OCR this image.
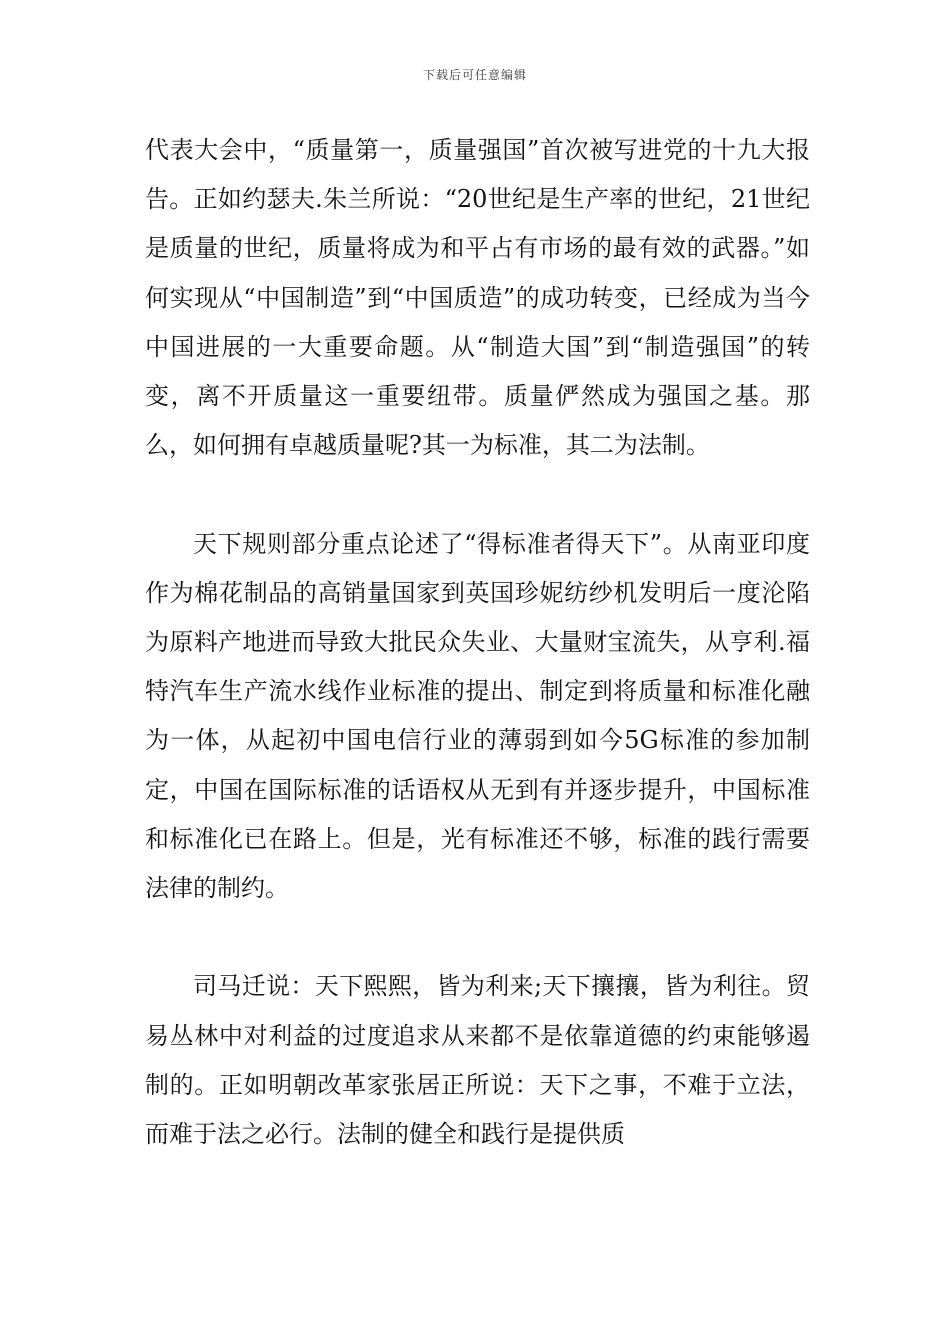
下载后可任意编辑

代表大会中，“质量第一，质量强国”首次被写进党的十九大报告。正如约瑟夫.朱兰所说：“20世纪是生产率的世纪，21世纪是质量的世纪，质量将成为和平占有市场的最有效的武器。”如何实现从“中国制造”到“中国质造”的成功转变，已经成为当今中国进展的一大重要命题。从“制造大国”到“制造强国”的转变，离不开质量这一重要纽带。质量俨然成为强国之基。那么，如何拥有卓越质量呢?其一为标准，其二为法制。

天下规则部分重点论述了“得标准者得天下”。从南亚印度作为棉花制品的高销量国家到英国珍妮纺纱机发明后一度沦陷为原料产地进而导致大批民众失业、大量财宝流失，从亨利.福特汽车生产流水线作业标准的提出、制定到将质量和标准化融为一体，从起初中国电信行业的薄弱到如今5G标准的参加制定，中国在国际标准的话语权从无到有并逐步提升，中国标准和标准化已在路上。但是，光有标准还不够，标准的践行需要法律的制约。

司马迁说：天下熙熙，皆为利来;天下攘攘，皆为利往。贸易丛林中对利益的过度追求从来都不是依靠道德的约束能够遏制的。正如明朝改革家张居正所说：天下之事，不难于立法，而难于法之必行。法制的健全和践行是提供质
